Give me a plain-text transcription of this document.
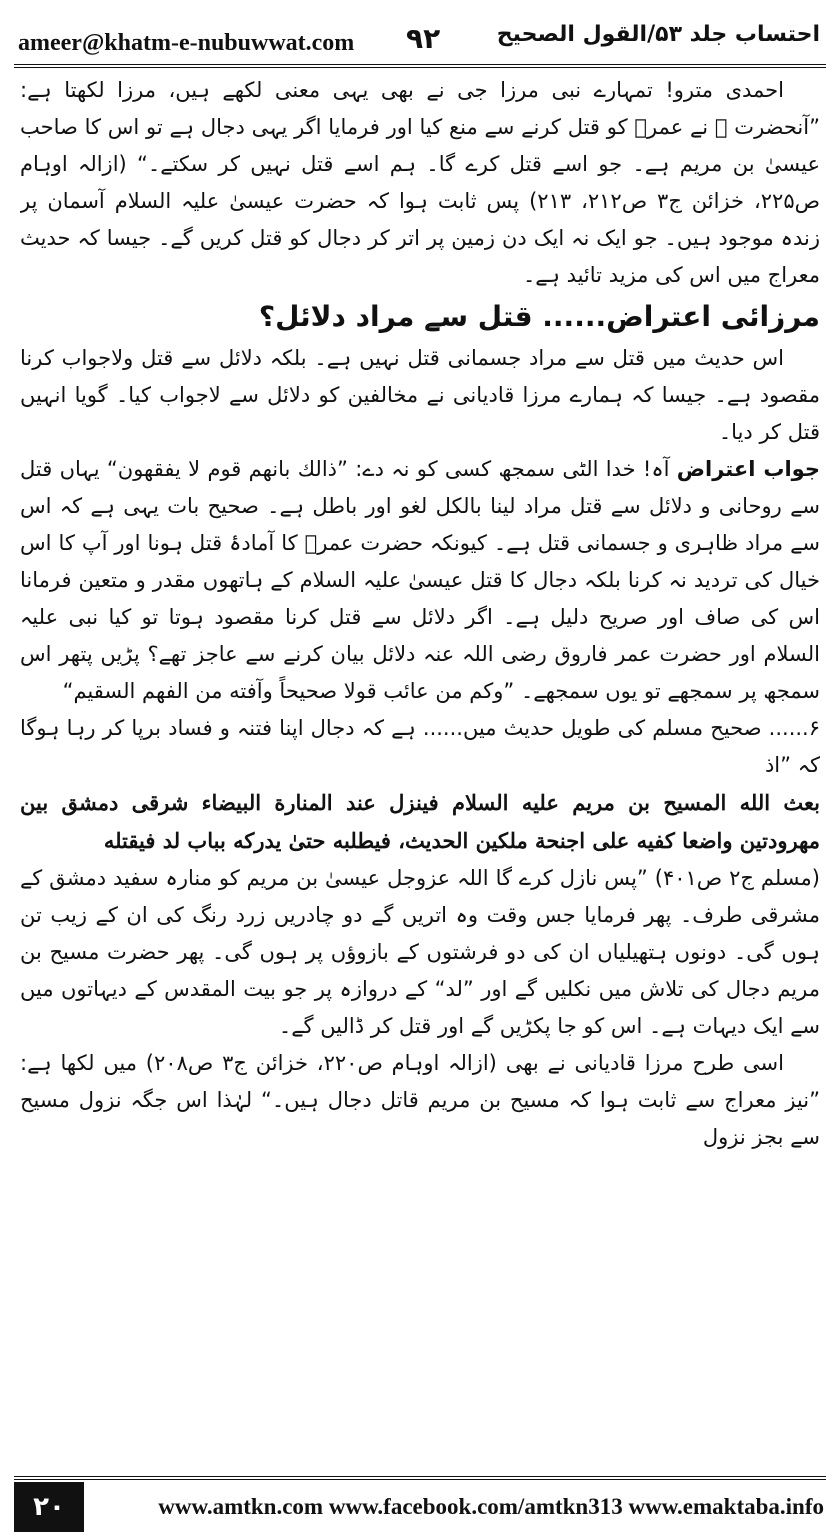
ameer@khatm-e-nubuwwat.com ٩٢	احتساب جلد ۵۳/القول الصحیح

احمدی مترو! تمہارے نبی مرزا جی نے بھی یہی معنی لکھے ہیں، مرزا لکھتا ہے: ”آنحضرت ﷺ نے عمرؓ کو قتل کرنے سے منع کیا اور فرمایا اگر یہی دجال ہے تو اس کا صاحب عیسیٰ بن مریم ہے۔ جو اسے قتل کرے گا۔ ہم اسے قتل نہیں کر سکتے۔“ (ازالہ اوہام ص۲۲۵، خزائن ج۳ ص۲۱۲، ۲۱۳) پس ثابت ہوا کہ حضرت عیسیٰ علیہ السلام آسمان پر زندہ موجود ہیں۔ جو ایک نہ ایک دن زمین پر اتر کر دجال کو قتل کریں گے۔ جیسا کہ حدیث معراج میں اس کی مزید تائید ہے۔

مرزائی اعتراض...... قتل سے مراد دلائل؟

اس حدیث میں قتل سے مراد جسمانی قتل نہیں ہے۔ بلکہ دلائل سے قتل ولاجواب کرنا مقصود ہے۔ جیسا کہ ہمارے مرزا قادیانی نے مخالفین کو دلائل سے لاجواب کیا۔ گویا انہیں قتل کر دیا۔

جواب اعتراض آہ! خدا الٹی سمجھ کسی کو نہ دے: ”ذالك بانهم قوم لا يفقهون“ یہاں قتل سے روحانی و دلائل سے قتل مراد لینا بالکل لغو اور باطل ہے۔ صحیح بات یہی ہے کہ اس سے مراد ظاہری و جسمانی قتل ہے۔ کیونکہ حضرت عمرؓ کا آمادۂ قتل ہونا اور آپ کا اس خیال کی تردید نہ کرنا بلکہ دجال کا قتل عیسیٰ علیہ السلام کے ہاتھوں مقدر و متعین فرمانا اس کی صاف اور صریح دلیل ہے۔ اگر دلائل سے قتل کرنا مقصود ہوتا تو کیا نبی علیہ السلام اور حضرت عمر فاروق رضی اللہ عنہ دلائل بیان کرنے سے عاجز تھے؟ پڑیں پتھر اس سمجھ پر سمجھے تو یوں سمجھے۔ ”وكم من عائب قولا صحيحاً وآفته من الفهم السقيم“

۶...... صحیح مسلم کی طویل حدیث میں...... ہے کہ دجال اپنا فتنہ و فساد برپا کر رہا ہوگا کہ ”اذ

بعث الله المسيح بن مريم عليه السلام فينزل عند المنارة البيضاء شرقى دمشق بين مهرودتين واضعا كفيه على اجنحة ملكين الحديث، فيطلبه حتىٰ يدركه بباب لد فيقتله

(مسلم ج۲ ص۴۰۱) ”پس نازل کرے گا اللہ عزوجل عیسیٰ بن مریم کو منارہ سفید دمشق کے مشرقی طرف۔ پھر فرمایا جس وقت وہ اتریں گے دو چادریں زرد رنگ کی ان کے زیب تن ہوں گی۔ دونوں ہتھیلیاں ان کی دو فرشتوں کے بازوؤں پر ہوں گی۔ پھر حضرت مسیح بن مریم دجال کی تلاش میں نکلیں گے اور ”لد“ کے دروازہ پر جو بیت المقدس کے دیہاتوں میں سے ایک دیہات ہے۔ اس کو جا پکڑیں گے اور قتل کر ڈالیں گے۔

اسی طرح مرزا قادیانی نے بھی (ازالہ اوہام ص۲۲۰، خزائن ج۳ ص۲۰۸) میں لکھا ہے: ”نیز معراج سے ثابت ہوا کہ مسیح بن مریم قاتل دجال ہیں۔“ لہٰذا اس جگہ نزول مسیح سے بجز نزول

٢٠	www.amtkn.com www.facebook.com/amtkn313 www.emaktaba.info
